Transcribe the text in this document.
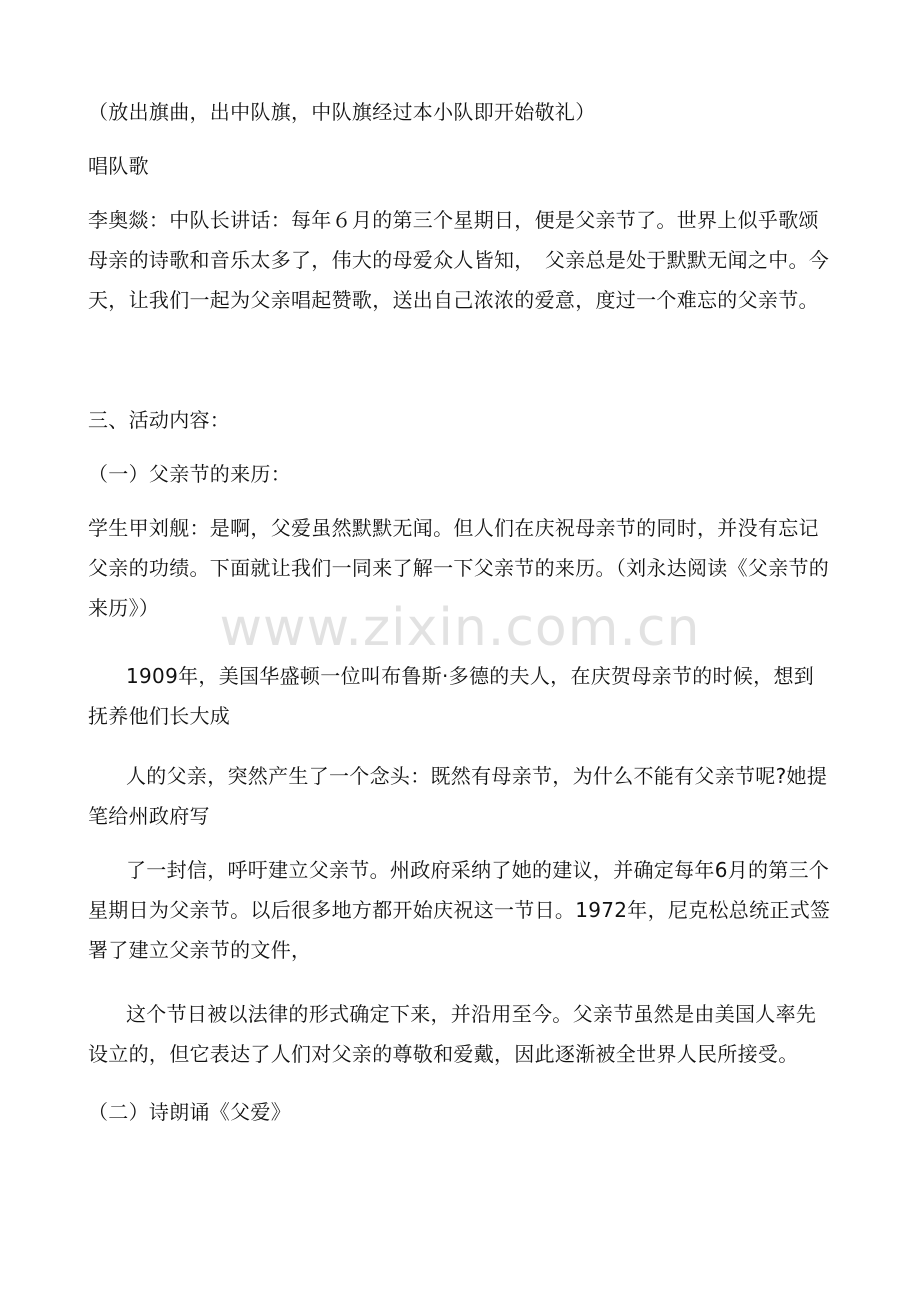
（放出旗曲，出中队旗，中队旗经过本小队即开始敬礼）

唱队歌

李奥燚：中队长讲话：每年６月的第三个星期日，便是父亲节了。世界上似乎歌颂母亲的诗歌和音乐太多了，伟大的母爱众人皆知，　父亲总是处于默默无闻之中。今天，让我们一起为父亲唱起赞歌，送出自己浓浓的爱意，度过一个难忘的父亲节。

三、活动内容：

（一）父亲节的来历：

学生甲刘舰：是啊，父爱虽然默默无闻。但人们在庆祝母亲节的同时，并没有忘记父亲的功绩。下面就让我们一同来了解一下父亲节的来历。（刘永达阅读《父亲节的来历》）

1909年，美国华盛顿一位叫布鲁斯·多德的夫人，在庆贺母亲节的时候，想到抚养他们长大成

人的父亲，突然产生了一个念头：既然有母亲节，为什么不能有父亲节呢?她提笔给州政府写

了一封信，呼吁建立父亲节。州政府采纳了她的建议，并确定每年6月的第三个星期日为父亲节。以后很多地方都开始庆祝这一节日。1972年，尼克松总统正式签署了建立父亲节的文件，

这个节日被以法律的形式确定下来，并沿用至今。父亲节虽然是由美国人率先设立的，但它表达了人们对父亲的尊敬和爱戴，因此逐渐被全世界人民所接受。

（二）诗朗诵《父爱》

www.zixin.com.cn
